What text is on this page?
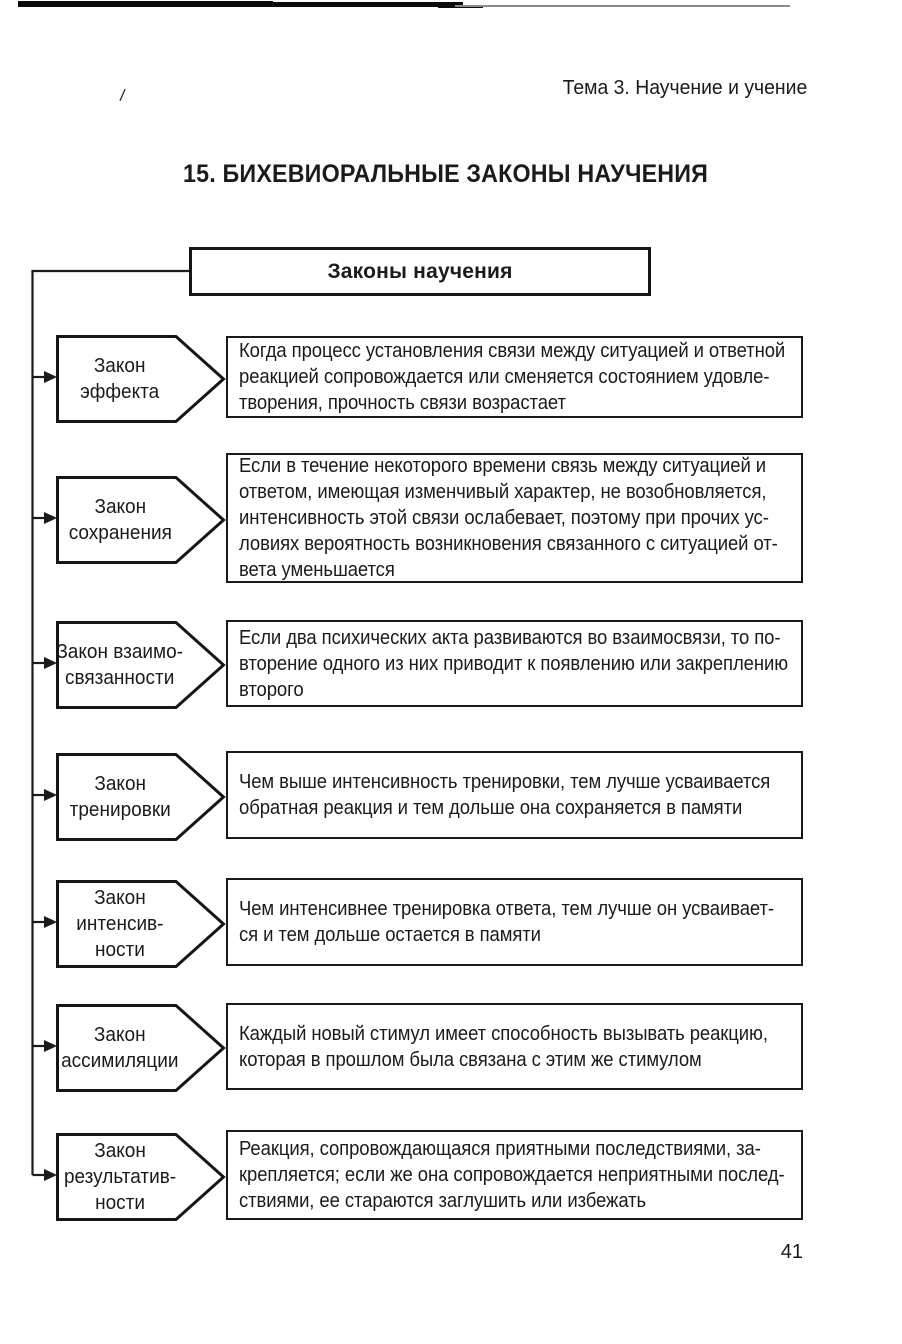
Тема 3. Научение и учение
/
15. БИХЕВИОРАЛЬНЫЕ ЗАКОНЫ НАУЧЕНИЯ
Законы научения
Закон
эффекта
Когда процесс установления связи между ситуацией и ответной
реакцией сопровождается или сменяется состоянием удовле-
творения, прочность связи возрастает
Закон
сохранения
Если в течение некоторого времени связь между ситуацией и
ответом, имеющая изменчивый характер, не возобновляется,
интенсивность этой связи ослабевает, поэтому при прочих ус-
ловиях вероятность возникновения связанного с ситуацией от-
вета уменьшается
Закон взаимо-
связанности
Если два психических акта развиваются во взаимосвязи, то по-
вторение одного из них приводит к появлению или закреплению
второго
Закон
тренировки
Чем выше интенсивность тренировки, тем лучше усваивается
обратная реакция и тем дольше она сохраняется в памяти
Закон
интенсив-
ности
Чем интенсивнее тренировка ответа, тем лучше он усваивает-
ся и тем дольше остается в памяти
Закон
ассимиляции
Каждый новый стимул имеет способность вызывать реакцию,
которая в прошлом была связана с этим же стимулом
Закон
результатив-
ности
Реакция, сопровождающаяся приятными последствиями, за-
крепляется; если же она сопровождается неприятными послед-
ствиями, ее стараются заглушить или избежать
41
